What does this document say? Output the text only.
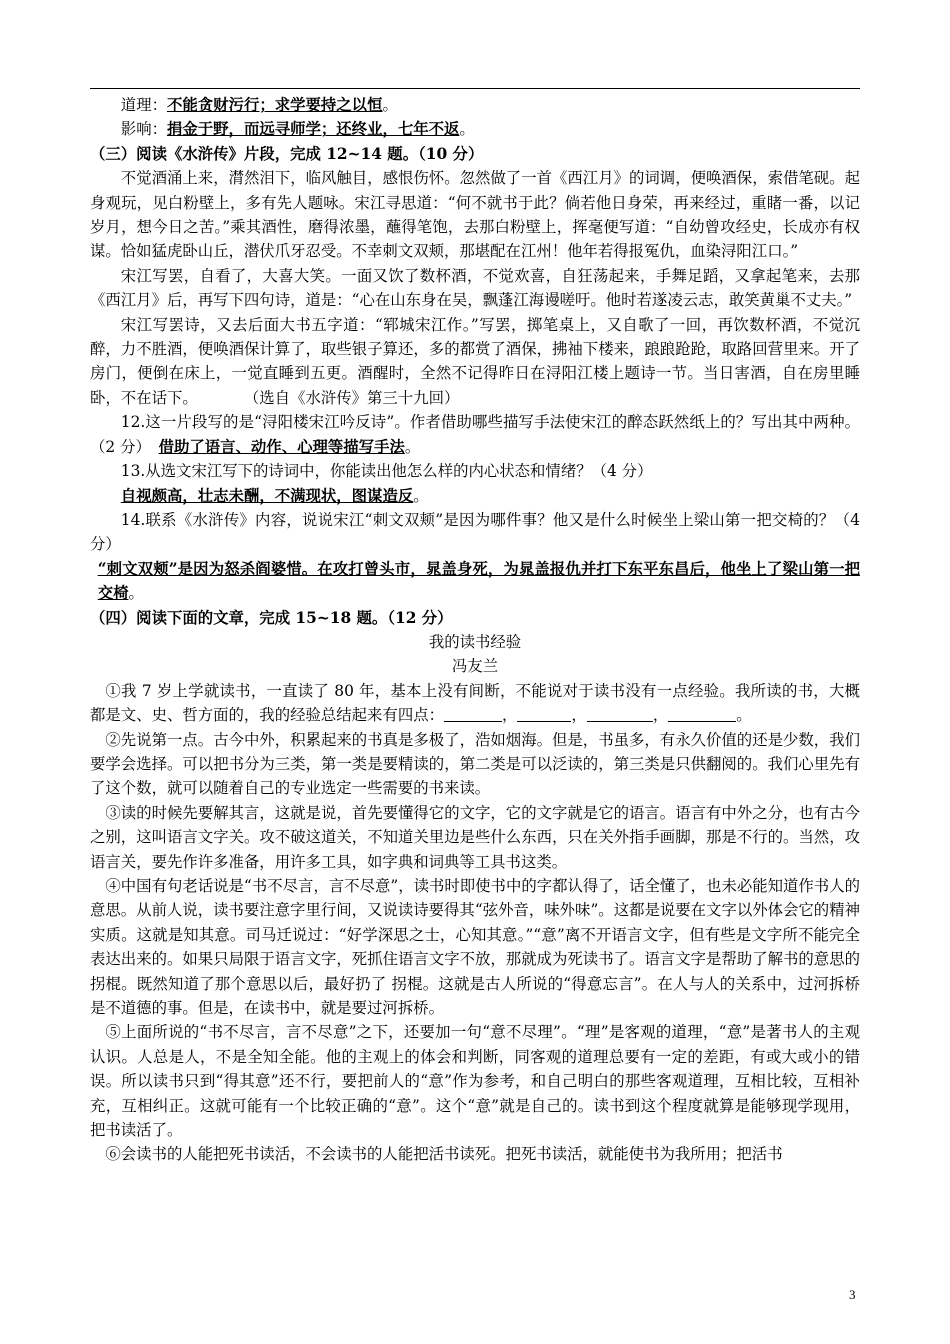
道理：不能贪财污行；求学要持之以恒。

影响：捐金于野，而远寻师学；还终业，七年不返。

（三）阅读《水浒传》片段，完成 12~14 题。（10 分）

不觉酒涌上来，潸然泪下，临风触目，感恨伤怀。忽然做了一首《西江月》的词调，便唤酒保，索借笔砚。起身观玩，见白粉壁上，多有先人题咏。宋江寻思道：“何不就书于此？倘若他日身荣，再来经过，重睹一番，以记岁月，想今日之苦。”乘其酒性，磨得浓墨，蘸得笔饱，去那白粉壁上，挥毫便写道：“自幼曾攻经史，长成亦有权谋。恰如猛虎卧山丘，潜伏爪牙忍受。不幸刺文双颊，那堪配在江州！他年若得报冤仇，血染浔阳江口。”

宋江写罢，自看了，大喜大笑。一面又饮了数杯酒，不觉欢喜，自狂荡起来，手舞足蹈，又拿起笔来，去那《西江月》后，再写下四句诗，道是：“心在山东身在吴，飘蓬江海谩嗟吁。他时若遂凌云志，敢笑黄巢不丈夫。”

宋江写罢诗，又去后面大书五字道：“郓城宋江作。”写罢，掷笔桌上，又自歌了一回，再饮数杯酒，不觉沉醉，力不胜酒，便唤酒保计算了，取些银子算还，多的都赏了酒保，拂袖下楼来，踉踉跄跄，取路回营里来。开了房门，便倒在床上，一觉直睡到五更。酒醒时，全然不记得昨日在浔阳江楼上题诗一节。当日害酒，自在房里睡卧，不在话下。　　　　（选自《水浒传》第三十九回）

12.这一片段写的是“浔阳楼宋江吟反诗”。作者借助哪些描写手法使宋江的醉态跃然纸上的？写出其中两种。（2 分）　 借助了语言、动作、心理等描写手法。

13.从选文宋江写下的诗词中，你能读出他怎么样的内心状态和情绪？（4 分）

自视颇高，壮志未酬，不满现状，图谋造反。

14.联系《水浒传》内容，说说宋江“刺文双颊”是因为哪件事？他又是什么时候坐上梁山第一把交椅的？（4 分）

“刺文双颊”是因为怒杀阎婆惜。在攻打曾头市，晁盖身死，为晁盖报仇并打下东平东昌后，他坐上了梁山第一把交椅。

（四）阅读下面的文章，完成 15~18 题。（12 分）

我的读书经验

冯友兰

①我 7 岁上学就读书，一直读了 80 年，基本上没有间断，不能说对于读书没有一点经验。我所读的书，大概都是文、史、哲方面的，我的经验总结起来有四点：	，	，	，	。

②先说第一点。古今中外，积累起来的书真是多极了，浩如烟海。但是，书虽多，有永久价值的还是少数，我们要学会选择。可以把书分为三类，第一类是要精读的，第二类是可以泛读的，第三类是只供翻阅的。我们心里先有了这个数，就可以随着自己的专业选定一些需要的书来读。

③读的时候先要解其言，这就是说，首先要懂得它的文字，它的文字就是它的语言。语言有中外之分，也有古今之别，这叫语言文字关。攻不破这道关，不知道关里边是些什么东西，只在关外指手画脚，那是不行的。当然，攻语言关，要先作许多准备，用许多工具，如字典和词典等工具书这类。

④中国有句老话说是“书不尽言，言不尽意”，读书时即使书中的字都认得了，话全懂了，也未必能知道作书人的意思。从前人说，读书要注意字里行间，又说读诗要得其“弦外音，味外味”。这都是说要在文字以外体会它的精神实质。这就是知其意。司马迁说过：“好学深思之士，心知其意。”“意”离不开语言文字，但有些是文字所不能完全表达出来的。如果只局限于语言文字，死抓住语言文字不放，那就成为死读书了。语言文字是帮助了解书的意思的拐棍。既然知道了那个意思以后，最好扔了 拐棍。这就是古人所说的“得意忘言”。在人与人的关系中，过河拆桥是不道德的事。但是，在读书中，就是要过河拆桥。

⑤上面所说的“书不尽言，言不尽意”之下，还要加一句“意不尽理”。“理”是客观的道理，“意”是著书人的主观认识。人总是人，不是全知全能。他的主观上的体会和判断，同客观的道理总要有一定的差距，有或大或小的错误。所以读书只到“得其意”还不行，要把前人的“意”作为参考，和自己明白的那些客观道理，互相比较，互相补充，互相纠正。这就可能有一个比较正确的“意”。这个“意”就是自己的。读书到这个程度就算是能够现学现用，把书读活了。

⑥会读书的人能把死书读活，不会读书的人能把活书读死。把死书读活，就能使书为我所用；把活书

3
